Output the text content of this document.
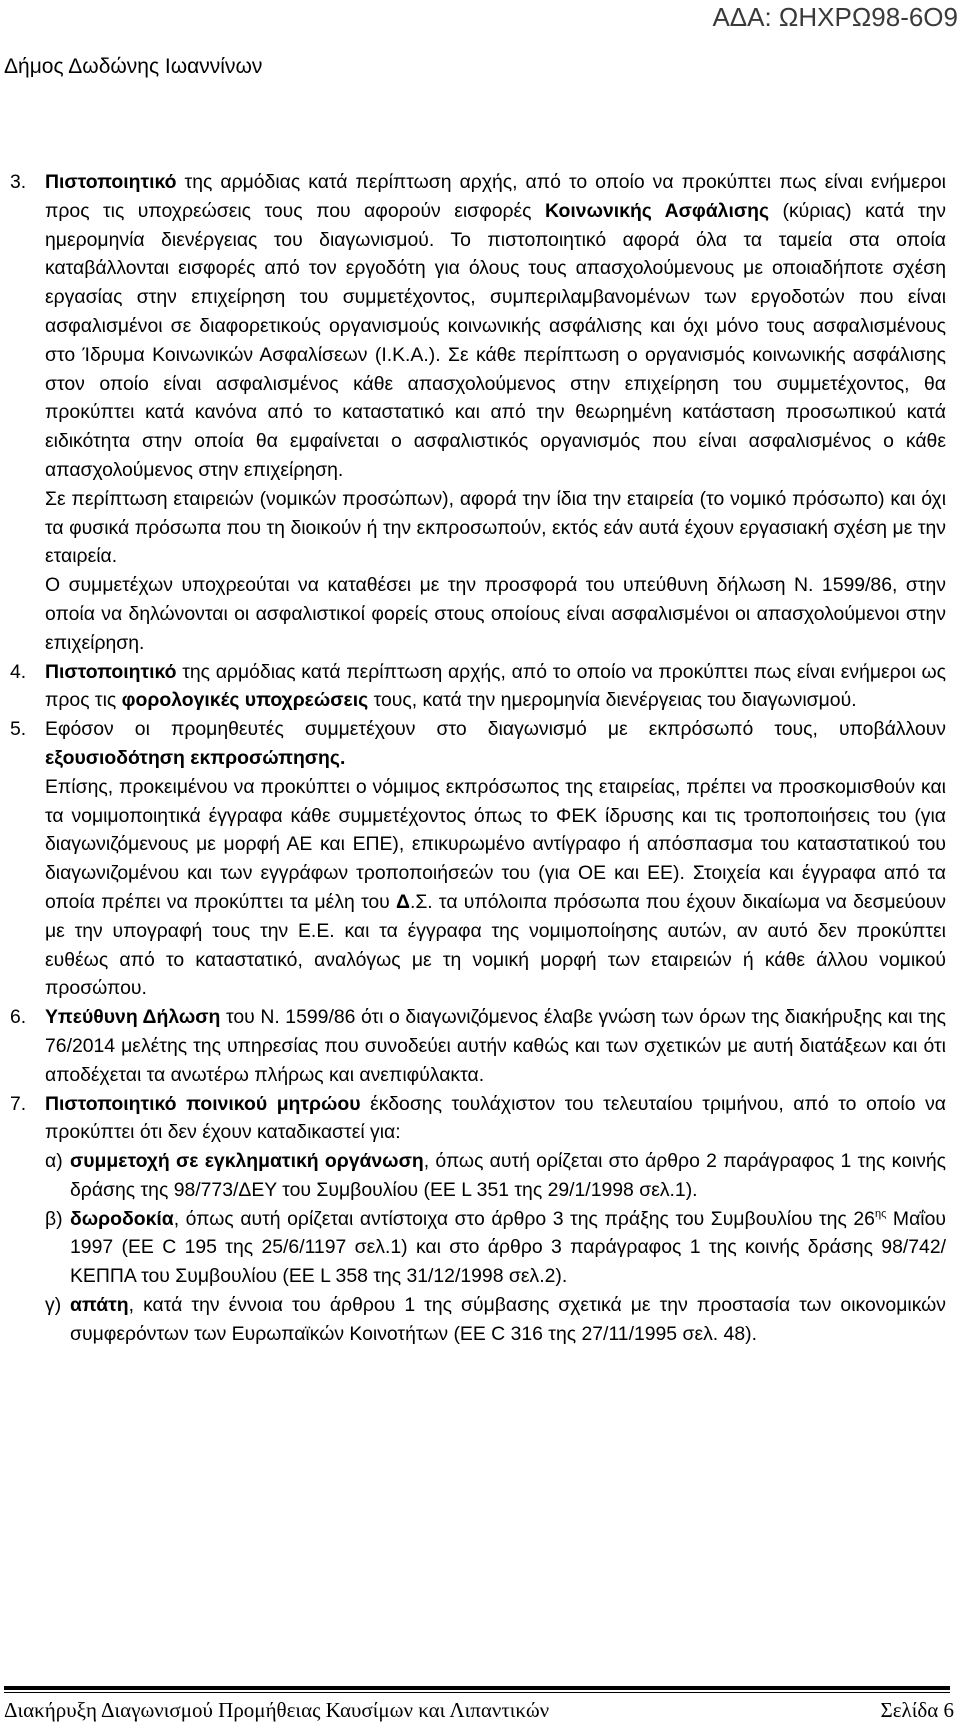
ΑΔΑ: ΩΗΧΡΩ98-6Ο9
Δήμος Δωδώνης Ιωαννίνων
3. Πιστοποιητικό της αρμόδιας κατά περίπτωση αρχής, από το οποίο να προκύπτει πως είναι ενήμεροι προς τις υποχρεώσεις τους που αφορούν εισφορές Κοινωνικής Ασφάλισης (κύριας) κατά την ημερομηνία διενέργειας του διαγωνισμού. Το πιστοποιητικό αφορά όλα τα ταμεία στα οποία καταβάλλονται εισφορές από τον εργοδότη για όλους τους απασχολούμενους με οποιαδήποτε σχέση εργασίας στην επιχείρηση του συμμετέχοντος, συμπεριλαμβανομένων των εργοδοτών που είναι ασφαλισμένοι σε διαφορετικούς οργανισμούς κοινωνικής ασφάλισης και όχι μόνο τους ασφαλισμένους στο Ίδρυμα Κοινωνικών Ασφαλίσεων (Ι.Κ.Α.). Σε κάθε περίπτωση ο οργανισμός κοινωνικής ασφάλισης στον οποίο είναι ασφαλισμένος κάθε απασχολούμενος στην επιχείρηση του συμμετέχοντος, θα προκύπτει κατά κανόνα από το καταστατικό και από την θεωρημένη κατάσταση προσωπικού κατά ειδικότητα στην οποία θα εμφαίνεται ο ασφαλιστικός οργανισμός που είναι ασφαλισμένος ο κάθε απασχολούμενος στην επιχείρηση.

Σε περίπτωση εταιρειών (νομικών προσώπων), αφορά την ίδια την εταιρεία (το νομικό πρόσωπο) και όχι τα φυσικά πρόσωπα που τη διοικούν ή την εκπροσωπούν, εκτός εάν αυτά έχουν εργασιακή σχέση με την εταιρεία.

Ο συμμετέχων υποχρεούται να καταθέσει με την προσφορά του υπεύθυνη δήλωση Ν. 1599/86, στην οποία να δηλώνονται οι ασφαλιστικοί φορείς στους οποίους είναι ασφαλισμένοι οι απασχολούμενοι στην επιχείρηση.

4. Πιστοποιητικό της αρμόδιας κατά περίπτωση αρχής, από το οποίο να προκύπτει πως είναι ενήμεροι ως προς τις φορολογικές υποχρεώσεις τους, κατά την ημερομηνία διενέργειας του διαγωνισμού.

5. Εφόσον οι προμηθευτές συμμετέχουν στο διαγωνισμό με εκπρόσωπό τους, υποβάλλουν εξουσιοδότηση εκπροσώπησης.

Επίσης, προκειμένου να προκύπτει ο νόμιμος εκπρόσωπος της εταιρείας, πρέπει να προσκομισθούν και τα νομιμοποιητικά έγγραφα κάθε συμμετέχοντος όπως το ΦΕΚ ίδρυσης και τις τροποποιήσεις του (για διαγωνιζόμενους με μορφή ΑΕ και ΕΠΕ), επικυρωμένο αντίγραφο ή απόσπασμα του καταστατικού του διαγωνιζομένου και των εγγράφων τροποποιήσεών του (για ΟΕ και ΕΕ). Στοιχεία και έγγραφα από τα οποία πρέπει να προκύπτει τα μέλη του Δ.Σ. τα υπόλοιπα πρόσωπα που έχουν δικαίωμα να δεσμεύουν με την υπογραφή τους την Ε.Ε. και τα έγγραφα της νομιμοποίησης αυτών, αν αυτό δεν προκύπτει ευθέως από το καταστατικό, αναλόγως με τη νομική μορφή των εταιρειών ή κάθε άλλου νομικού προσώπου.

6. Υπεύθυνη Δήλωση του Ν. 1599/86 ότι ο διαγωνιζόμενος έλαβε γνώση των όρων της διακήρυξης και της 76/2014 μελέτης της υπηρεσίας που συνοδεύει αυτήν καθώς και των σχετικών με αυτή διατάξεων και ότι αποδέχεται τα ανωτέρω πλήρως και ανεπιφύλακτα.

7. Πιστοποιητικό ποινικού μητρώου έκδοσης τουλάχιστον του τελευταίου τριμήνου, από το οποίο να προκύπτει ότι δεν έχουν καταδικαστεί για:

α) συμμετοχή σε εγκληματική οργάνωση, όπως αυτή ορίζεται στο άρθρο 2 παράγραφος 1 της κοινής δράσης της 98/773/ΔΕΥ του Συμβουλίου (ΕΕ L 351 της 29/1/1998 σελ.1).

β) δωροδοκία, όπως αυτή ορίζεται αντίστοιχα στο άρθρο 3 της πράξης του Συμβουλίου της $26^{\eta\varsigma}$ Μαΐου 1997 (ΕΕ C 195 της 25/6/1197 σελ.1) και στο άρθρο 3 παράγραφος 1 της κοινής δράσης 98/742/ΚΕΠΠΑ του Συμβουλίου (ΕΕ L 358 της 31/12/1998 σελ.2).

γ) απάτη, κατά την έννοια του άρθρου 1 της σύμβασης σχετικά με την προστασία των οικονομικών συμφερόντων των Ευρωπαϊκών Κοινοτήτων (ΕΕ C 316 της 27/11/1995 σελ. 48).

Διακήρυξη Διαγωνισμού Προμήθειας Καυσίμων και Λιπαντικών	Σελίδα 6
